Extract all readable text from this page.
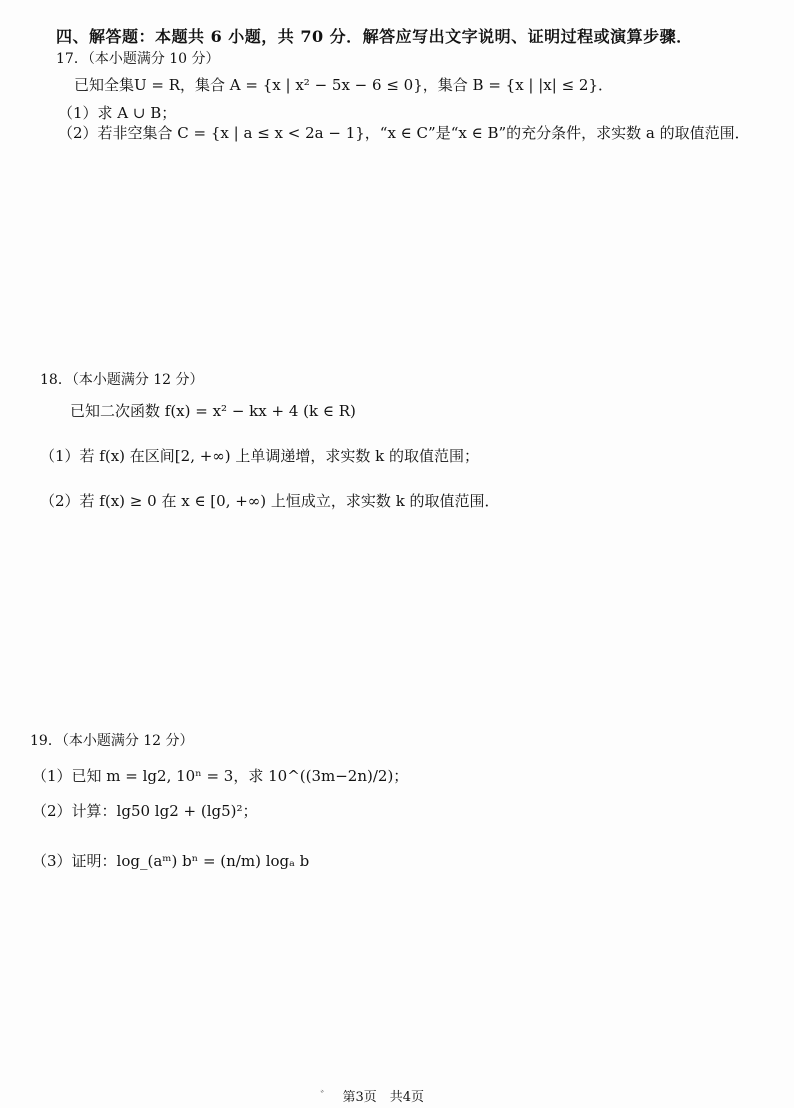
四、解答题：本题共 6 小题，共 70 分．解答应写出文字说明、证明过程或演算步骤．
17．（本小题满分 10 分）
已知全集U = R，集合 A = {x | x² − 5x − 6 ≤ 0}，集合 B = {x | |x| ≤ 2}．
（1）求 A ∪ B；
（2）若非空集合 C = {x | a ≤ x < 2a − 1}，“x ∈ C”是“x ∈ B”的充分条件，求实数 a 的取值范围．
18．（本小题满分 12 分）
已知二次函数 f(x) = x² − kx + 4 (k ∈ R)
（1）若 f(x) 在区间[2, +∞) 上单调递增，求实数 k 的取值范围；
（2）若 f(x) ≥ 0 在 x ∈ [0, +∞) 上恒成立，求实数 k 的取值范围．
19．（本小题满分 12 分）
（1）已知 m = lg2, 10ⁿ = 3，求 10^((3m−2n)/2)；
（2）计算：lg50 lg2 + (lg5)²；
（3）证明：log_(aᵐ) bⁿ = (n/m) logₐ b
ﾞ 第3页　共4页
